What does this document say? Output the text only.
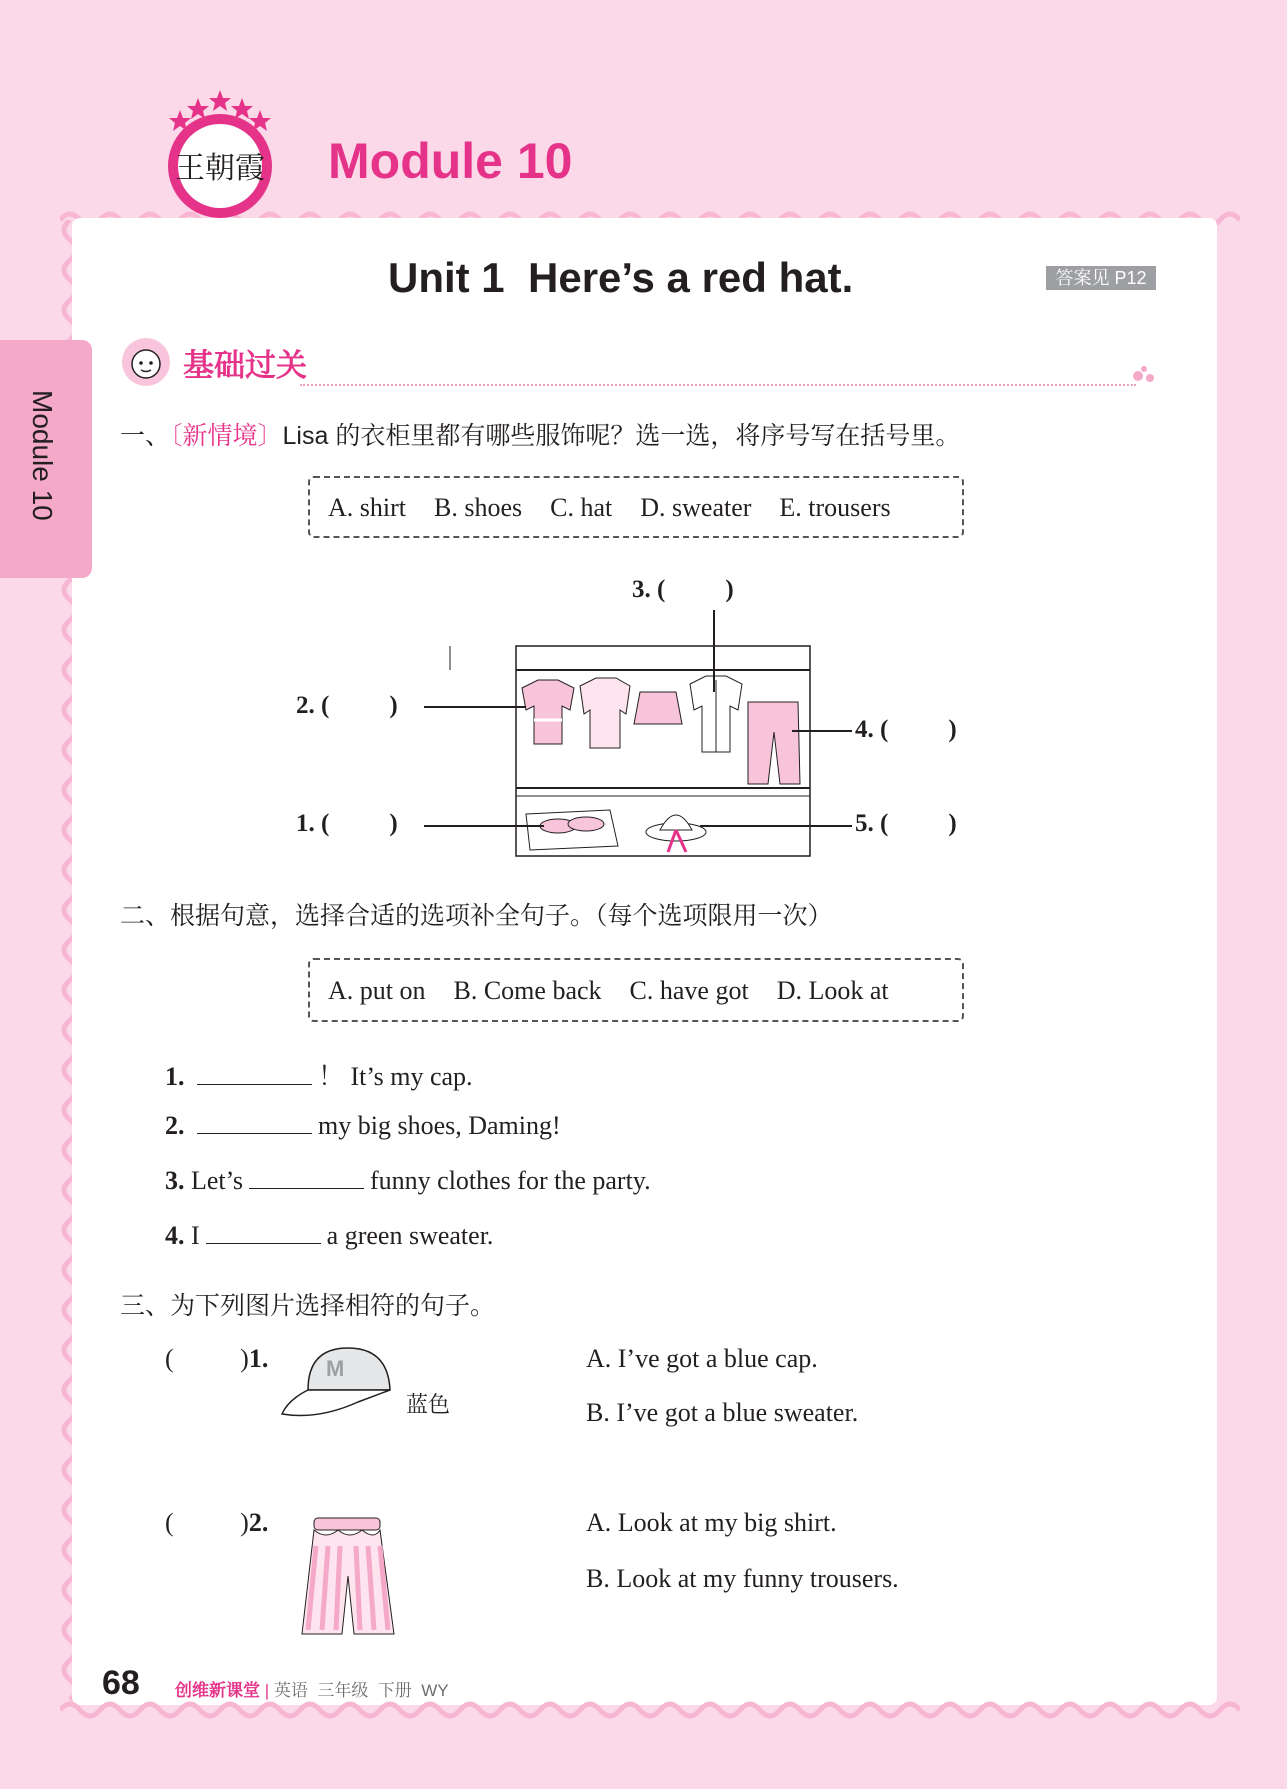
王朝霞 Module 10
Module 10
Unit 1  Here’s a red hat.	答案见 P12
基础过关
一、〔新情境〕Lisa 的衣柜里都有哪些服饰呢？选一选，将序号写在括号里。
A. shirt B. shoes C. hat D. sweater E. trousers
3. ( )
2. ( )
4. ( )
1. ( )	5. ( )
二、根据句意，选择合适的选项补全句子。（每个选项限用一次）
A. put on B. Come back C. have got D. Look at
1.	！ It’s my cap.
2.	my big shoes, Daming!
3. Let’s	funny clothes for the party.
4. I	a green sweater.
三、为下列图片选择相符的句子。
( )1.	M
蓝色
A. I’ve got a blue cap.
B. I’ve got a blue sweater.
( )2.	A. Look at my big shirt.
B. Look at my funny trousers.
68 创维新课堂 | 英语  三年级  下册  WY
